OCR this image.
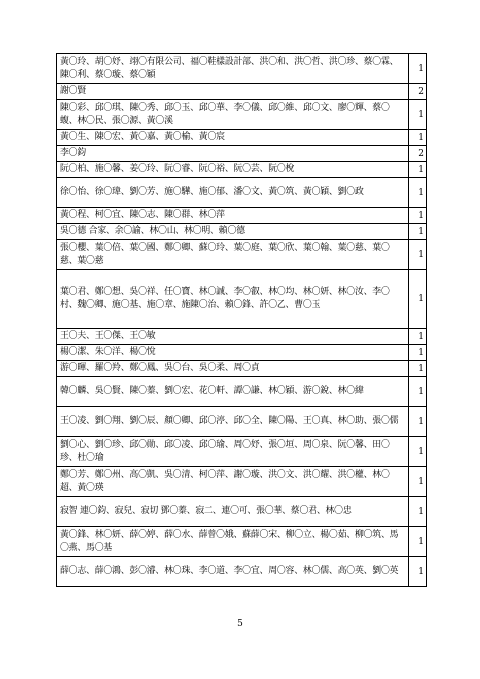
黃〇玲、胡〇妤、翊〇有限公司、福〇鞋樣設計部、洪〇和、洪〇哲、洪〇珍、蔡〇霖、陳〇利、蔡〇璇、蔡〇穎	1
謝〇賢	2
陳〇彩、邱〇琪、陳〇秀、邱〇玉、邱〇華、李〇儀、邱〇維、邱〇文、廖〇輝、蔡〇蝮、林〇民、張〇源、黃〇溪	1
黃〇生、陳〇宏、黃〇嘉、黃〇榆、黃〇宸	1
李〇鈞	2
阮〇柏、施〇馨、姜〇玲、阮〇睿、阮〇裕、阮〇芸、阮〇梲	1
徐〇怡、徐〇瑋、劉〇芳、施〇驊、施〇郁、潘〇文、黃〇筑、黃〇穎、劉〇政	1
黃〇程、柯〇宜、陳〇志、陳〇群、林〇萍	1
吳〇德 合家、余〇諭、林〇山、林〇明、賴〇德	1
張〇櫻、葉〇倍、葉〇國、鄭〇卿、蘇〇玲、葉〇庭、葉〇欣、葉〇翰、葉〇慈、葉〇慈、葉〇慈	1
葉〇君、鄭〇想、吳〇祥、任〇寶、林〇誠、李〇叡、林〇均、林〇妍、林〇汝、李〇村、魏〇卿、施〇基、施〇章、施陳〇治、賴〇鋒、許〇乙、曹〇玉	1
王〇夫、王〇傑、王〇敏	1
楊〇潔、朱〇洋、楊〇悅	1
游〇暉、羅〇羚、鄭〇鳳、吳〇台、吳〇柔、周〇貞	1
韓〇麟、吳〇賢、陳〇蓁、劉〇宏、花〇軒、譚〇謙、林〇穎、游〇銳、林〇緯	1
王〇凌、劉〇翔、劉〇辰、顏〇卿、邱〇渟、邱〇全、陳〇陽、王〇真、林〇助、張〇儒	1
劉〇心、劉〇珍、邱〇勛、邱〇凌、邱〇瑜、周〇妤、張〇垣、周〇泉、阮〇馨、田〇珍、杜〇瑜	1
鄭〇芳、鄭〇州、高〇凱、吳〇清、柯〇萍、謝〇璇、洪〇文、洪〇耀、洪〇權、林〇超、黃〇瑛	1
寂智 連〇鈞、寂兒、寂切 鄧〇蓁、寂二、連〇可、張〇華、蔡〇君、林〇忠	1
黃〇鋒、林〇妍、薛〇婷、薛〇水、薛曾〇娥、蘇薛〇宋、柳〇立、楊〇茹、柳〇筑、馬〇燕、馬〇基	1
薛〇志、薛〇鴻、彭〇濬、林〇珠、李〇道、李〇宜、周〇容、林〇儒、高〇英、劉〇英	1
5
